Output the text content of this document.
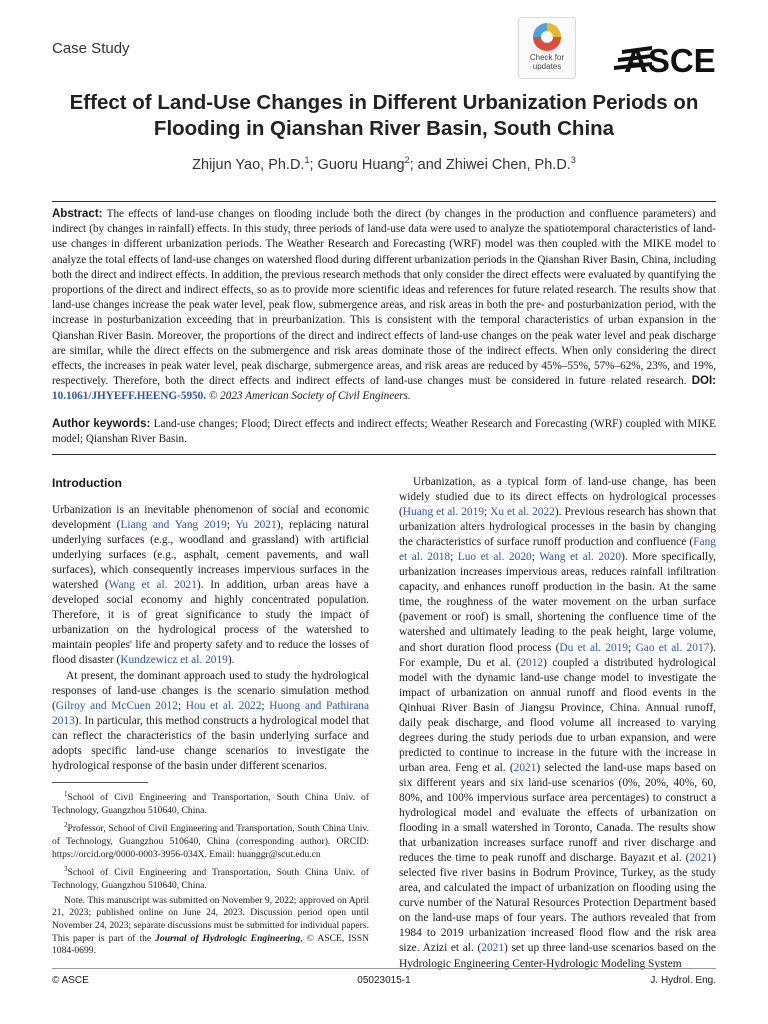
Case Study
Check for
updates	ASCE
Effect of Land-Use Changes in Different Urbanization Periods on Flooding in Qianshan River Basin, South China
Zhijun Yao, Ph.D.$^1$; Guoru Huang$^2$; and Zhiwei Chen, Ph.D.$^3$
Abstract: The effects of land-use changes on flooding include both the direct (by changes in the production and confluence parameters) and indirect (by changes in rainfall) effects. In this study, three periods of land-use data were used to analyze the spatiotemporal characteristics of land-use changes in different urbanization periods. The Weather Research and Forecasting (WRF) model was then coupled with the MIKE model to analyze the total effects of land-use changes on watershed flood during different urbanization periods in the Qianshan River Basin, China, including both the direct and indirect effects. In addition, the previous research methods that only consider the direct effects were evaluated by quantifying the proportions of the direct and indirect effects, so as to provide more scientific ideas and references for future related research. The results show that land-use changes increase the peak water level, peak flow, submergence areas, and risk areas in both the pre- and posturbanization period, with the increase in posturbanization exceeding that in preurbanization. This is consistent with the temporal characteristics of urban expansion in the Qianshan River Basin. Moreover, the proportions of the direct and indirect effects of land-use changes on the peak water level and peak discharge are similar, while the direct effects on the submergence and risk areas dominate those of the indirect effects. When only considering the direct effects, the increases in peak water level, peak discharge, submergence areas, and risk areas are reduced by 45%–55%, 57%–62%, 23%, and 19%, respectively. Therefore, both the direct effects and indirect effects of land-use changes must be considered in future related research. DOI: 10.1061/JHYEFF.HEENG-5950. © 2023 American Society of Civil Engineers.
Author keywords: Land-use changes; Flood; Direct effects and indirect effects; Weather Research and Forecasting (WRF) coupled with MIKE model; Qianshan River Basin.
Introduction

Urbanization is an inevitable phenomenon of social and economic development (Liang and Yang 2019; Yu 2021), replacing natural underlying surfaces (e.g., woodland and grassland) with artificial underlying surfaces (e.g., asphalt, cement pavements, and wall surfaces), which consequently increases impervious surfaces in the watershed (Wang et al. 2021). In addition, urban areas have a developed social economy and highly concentrated population. Therefore, it is of great significance to study the impact of urbanization on the hydrological process of the watershed to maintain peoples' life and property safety and to reduce the losses of flood disaster (Kundzewicz et al. 2019).

At present, the dominant approach used to study the hydrological responses of land-use changes is the scenario simulation method (Gilroy and McCuen 2012; Hou et al. 2022; Huong and Pathirana 2013). In particular, this method constructs a hydrological model that can reflect the characteristics of the basin underlying surface and adopts specific land-use change scenarios to investigate the hydrological response of the basin under different scenarios.

$^1$School of Civil Engineering and Transportation, South China Univ. of Technology, Guangzhou 510640, China.

$^2$Professor, School of Civil Engineering and Transportation, South China Univ. of Technology, Guangzhou 510640, China (corresponding author). ORCID: https://orcid.org/0000-0003-3956-034X. Email: huanggr@scut.edu.cn

$^3$School of Civil Engineering and Transportation, South China Univ. of Technology, Guangzhou 510640, China.

Note. This manuscript was submitted on November 9, 2022; approved on April 21, 2023; published online on June 24, 2023. Discussion period open until November 24, 2023; separate discussions must be submitted for individual papers. This paper is part of the Journal of Hydrologic Engineering, © ASCE, ISSN 1084-0699.

Urbanization, as a typical form of land-use change, has been widely studied due to its direct effects on hydrological processes (Huang et al. 2019; Xu et al. 2022). Previous research has shown that urbanization alters hydrological processes in the basin by changing the characteristics of surface runoff production and confluence (Fang et al. 2018; Luo et al. 2020; Wang et al. 2020). More specifically, urbanization increases impervious areas, reduces rainfall infiltration capacity, and enhances runoff production in the basin. At the same time, the roughness of the water movement on the urban surface (pavement or roof) is small, shortening the confluence time of the watershed and ultimately leading to the peak height, large volume, and short duration flood process (Du et al. 2019; Gao et al. 2017). For example, Du et al. (2012) coupled a distributed hydrological model with the dynamic land-use change model to investigate the impact of urbanization on annual runoff and flood events in the Qinhuai River Basin of Jiangsu Province, China. Annual runoff, daily peak discharge, and flood volume all increased to varying degrees during the study periods due to urban expansion, and were predicted to continue to increase in the future with the increase in urban area. Feng et al. (2021) selected the land-use maps based on six different years and six land-use scenarios (0%, 20%, 40%, 60, 80%, and 100% impervious surface area percentages) to construct a hydrological model and evaluate the effects of urbanization on flooding in a small watershed in Toronto, Canada. The results show that urbanization increases surface runoff and river discharge and reduces the time to peak runoff and discharge. Bayazıt et al. (2021) selected five river basins in Bodrum Province, Turkey, as the study area, and calculated the impact of urbanization on flooding using the curve number of the Natural Resources Protection Department based on the land-use maps of four years. The authors revealed that from 1984 to 2019 urbanization increased flood flow and the risk area size. Azizi et al. (2021) set up three land-use scenarios based on the Hydrologic Engineering Center-Hydrologic Modeling System

© ASCE	05023015-1	J. Hydrol. Eng.
